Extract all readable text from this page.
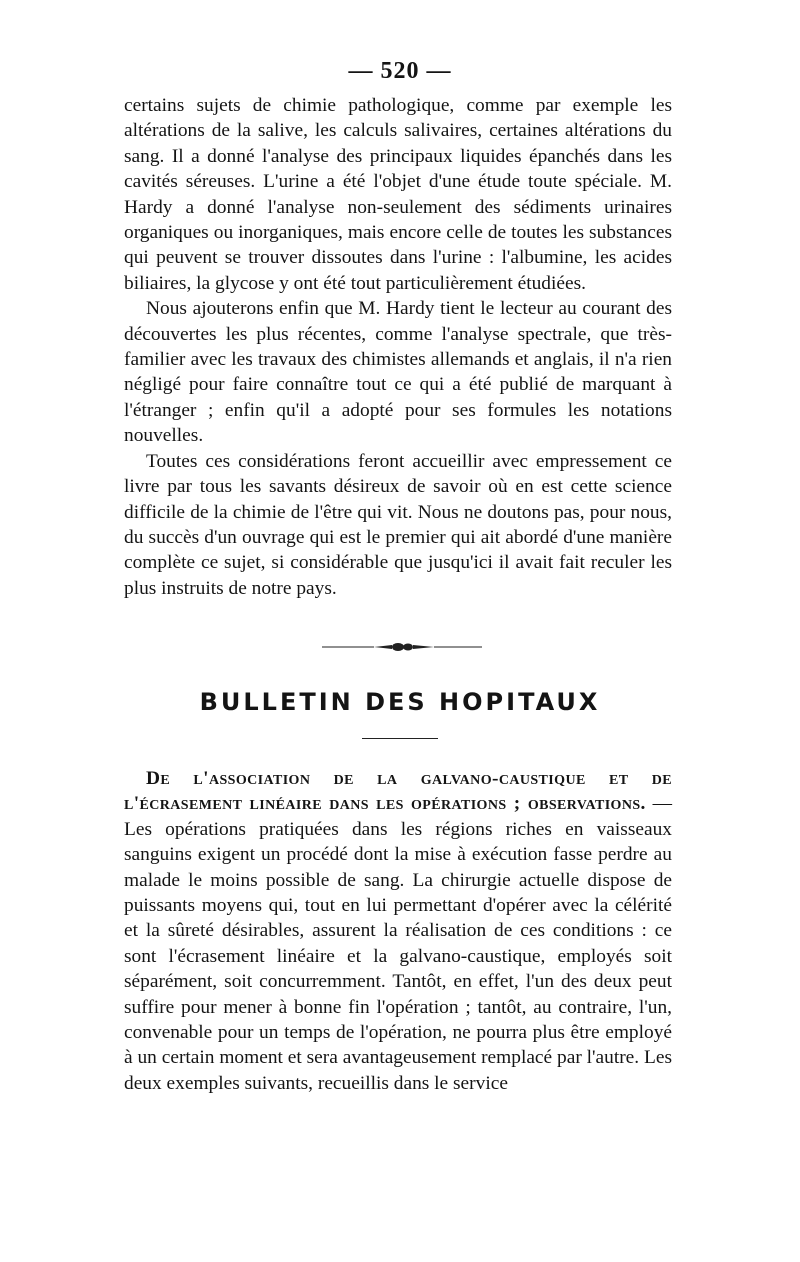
— 520 —

certains sujets de chimie pathologique, comme par exemple les altérations de la salive, les calculs salivaires, certaines altérations du sang. Il a donné l'analyse des principaux liquides épanchés dans les cavités séreuses. L'urine a été l'objet d'une étude toute spéciale. M. Hardy a donné l'analyse non-seulement des sédiments urinaires organiques ou inorganiques, mais encore celle de toutes les substances qui peuvent se trouver dissoutes dans l'urine : l'albumine, les acides biliaires, la glycose y ont été tout particulièrement étudiées.

Nous ajouterons enfin que M. Hardy tient le lecteur au courant des découvertes les plus récentes, comme l'analyse spectrale, que très-familier avec les travaux des chimistes allemands et anglais, il n'a rien négligé pour faire connaître tout ce qui a été publié de marquant à l'étranger ; enfin qu'il a adopté pour ses formules les notations nouvelles.

Toutes ces considérations feront accueillir avec empressement ce livre par tous les savants désireux de savoir où en est cette science difficile de la chimie de l'être qui vit. Nous ne doutons pas, pour nous, du succès d'un ouvrage qui est le premier qui ait abordé d'une manière complète ce sujet, si considérable que jusqu'ici il avait fait reculer les plus instruits de notre pays.

BULLETIN DES HOPITAUX

De l'association de la galvano-caustique et de l'écrasement linéaire dans les opérations ; observations. — Les opérations pratiquées dans les régions riches en vaisseaux sanguins exigent un procédé dont la mise à exécution fasse perdre au malade le moins possible de sang. La chirurgie actuelle dispose de puissants moyens qui, tout en lui permettant d'opérer avec la célérité et la sûreté désirables, assurent la réalisation de ces conditions : ce sont l'écrasement linéaire et la galvano-caustique, employés soit séparément, soit concurremment. Tantôt, en effet, l'un des deux peut suffire pour mener à bonne fin l'opération ; tantôt, au contraire, l'un, convenable pour un temps de l'opération, ne pourra plus être employé à un certain moment et sera avantageusement remplacé par l'autre. Les deux exemples suivants, recueillis dans le service
